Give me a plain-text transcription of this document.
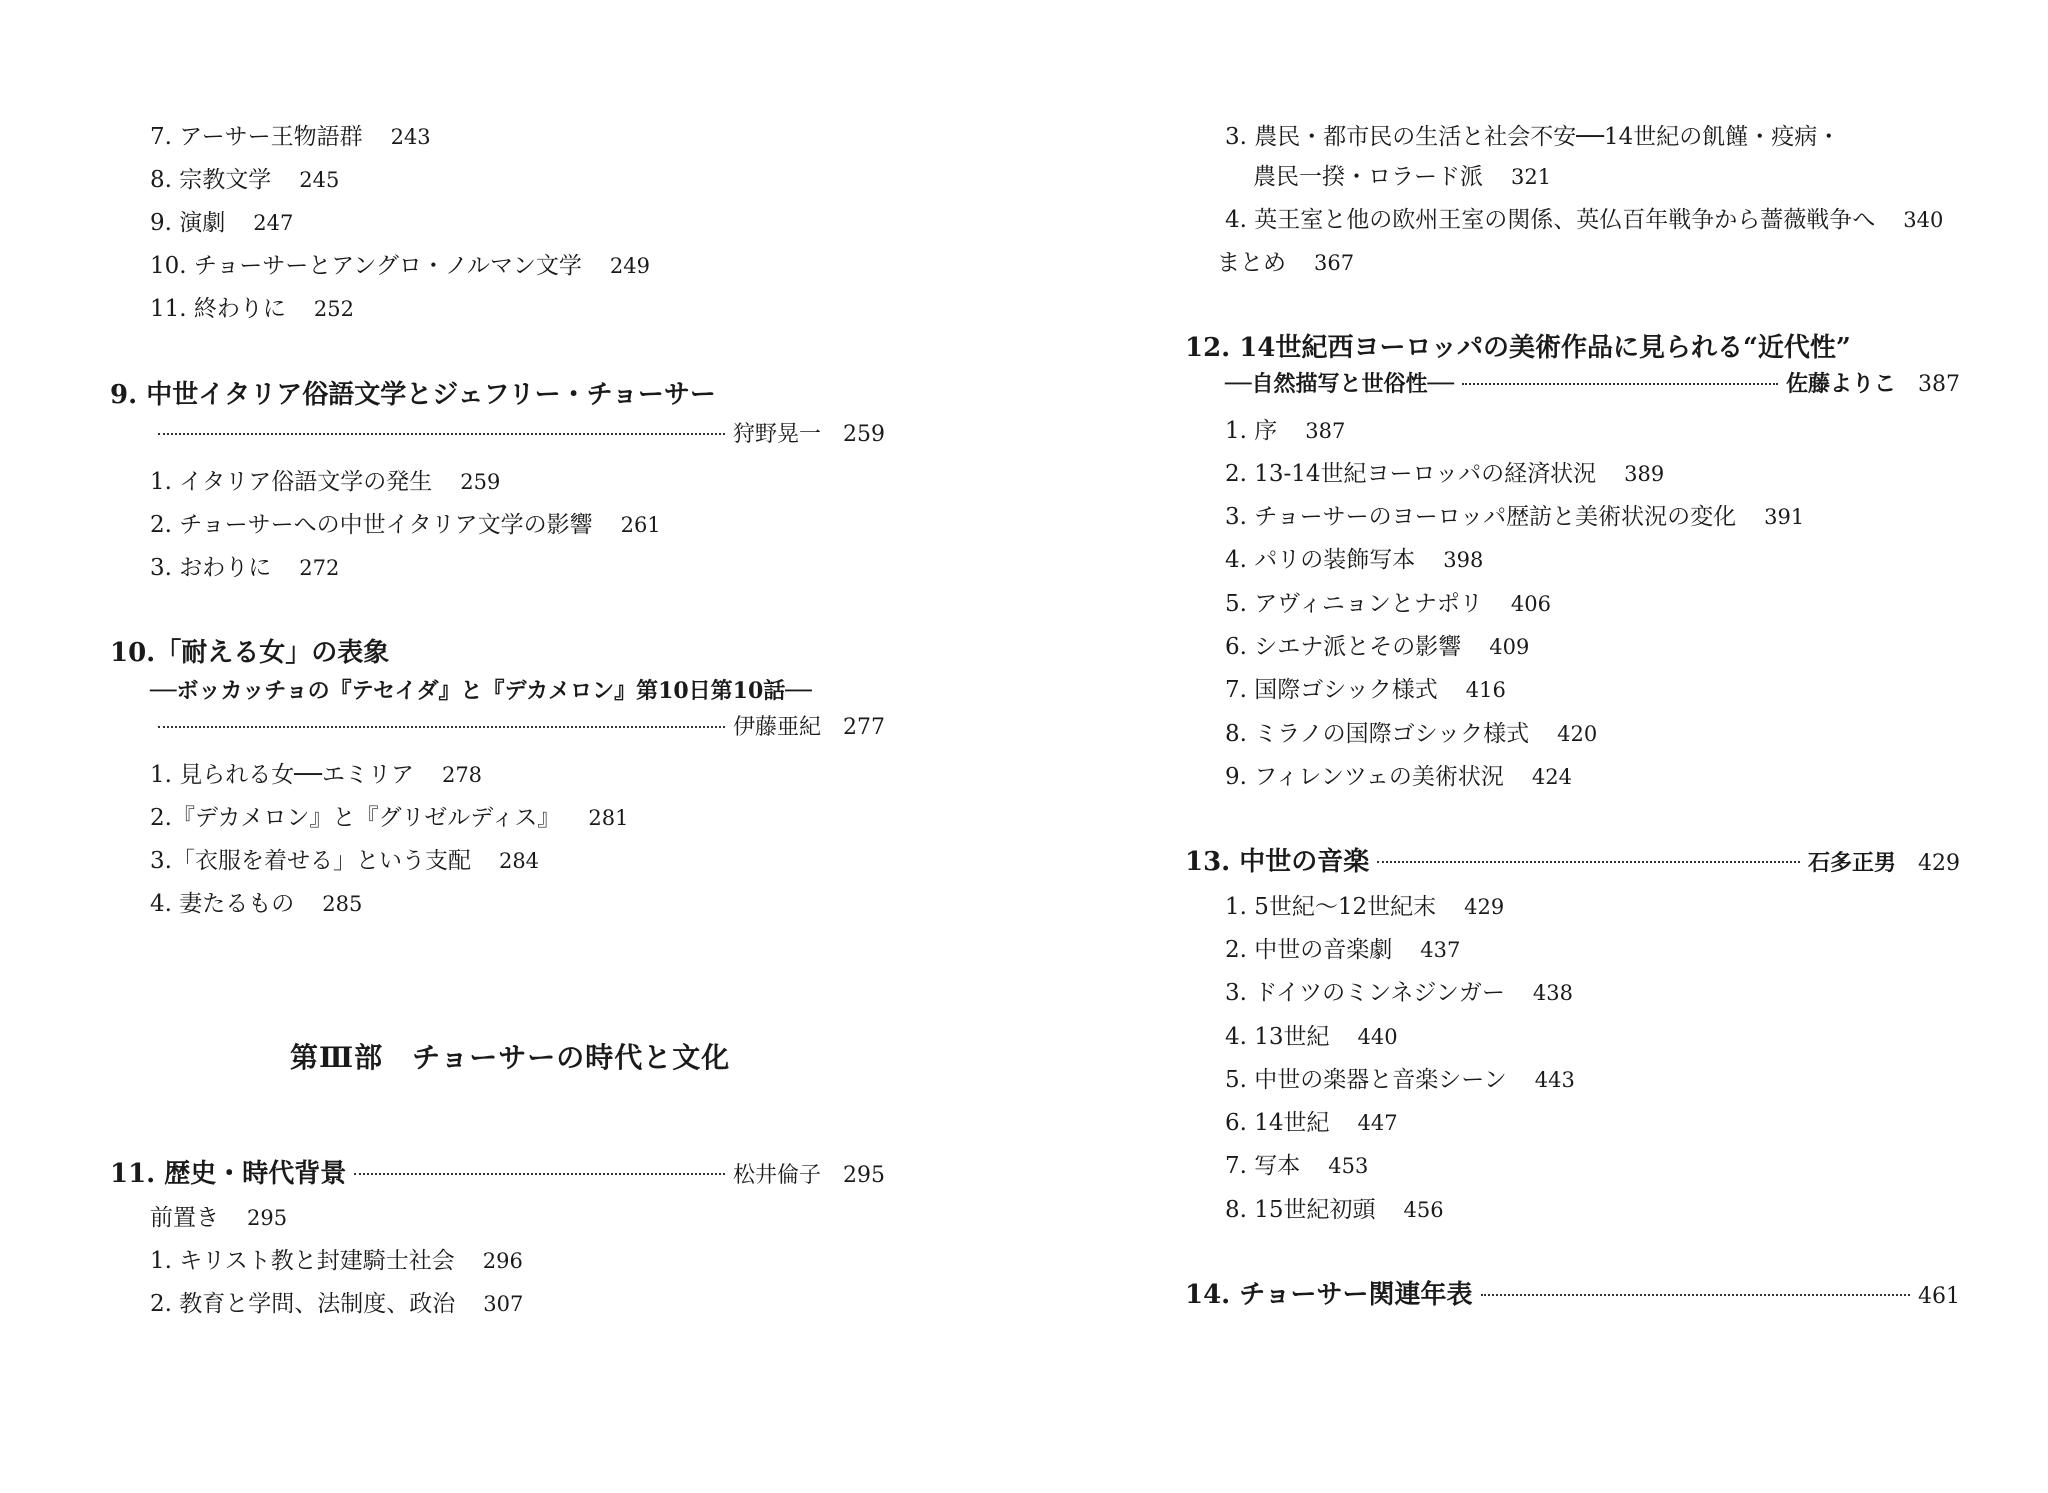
7. アーサー王物語群 243
8. 宗教文学 245
9. 演劇 247
10. チョーサーとアングロ・ノルマン文学 249
11. 終わりに 252
9. 中世イタリア俗語文学とジェフリー・チョーサー
狩野晃一 259
1. イタリア俗語文学の発生 259
2. チョーサーへの中世イタリア文学の影響 261
3. おわりに 272
10.「耐える女」の表象
──ボッカッチョの『テセイダ』と『デカメロン』第10日第10話──
伊藤亜紀 277
1. 見られる女──エミリア 278
2.『デカメロン』と『グリゼルディス』 281
3.「衣服を着せる」という支配 284
4. 妻たるもの 285
第Ⅲ部　チョーサーの時代と文化
11. 歴史・時代背景	松井倫子 295
前置き 295
1. キリスト教と封建騎士社会 296
2. 教育と学問、法制度、政治 307
3. 農民・都市民の生活と社会不安──14世紀の飢饉・疫病・
農民一揆・ロラード派 321
4. 英王室と他の欧州王室の関係、英仏百年戦争から薔薇戦争へ 340
まとめ 367
12. 14世紀西ヨーロッパの美術作品に見られる“近代性”
──自然描写と世俗性──	佐藤よりこ 387
1. 序 387
2. 13-14世紀ヨーロッパの経済状況 389
3. チョーサーのヨーロッパ歴訪と美術状況の変化 391
4. パリの装飾写本 398
5. アヴィニョンとナポリ 406
6. シエナ派とその影響 409
7. 国際ゴシック様式 416
8. ミラノの国際ゴシック様式 420
9. フィレンツェの美術状況 424
13. 中世の音楽	石多正男 429
1. 5世紀～12世紀末 429
2. 中世の音楽劇 437
3. ドイツのミンネジンガー 438
4. 13世紀 440
5. 中世の楽器と音楽シーン 443
6. 14世紀 447
7. 写本 453
8. 15世紀初頭 456
14. チョーサー関連年表	461
